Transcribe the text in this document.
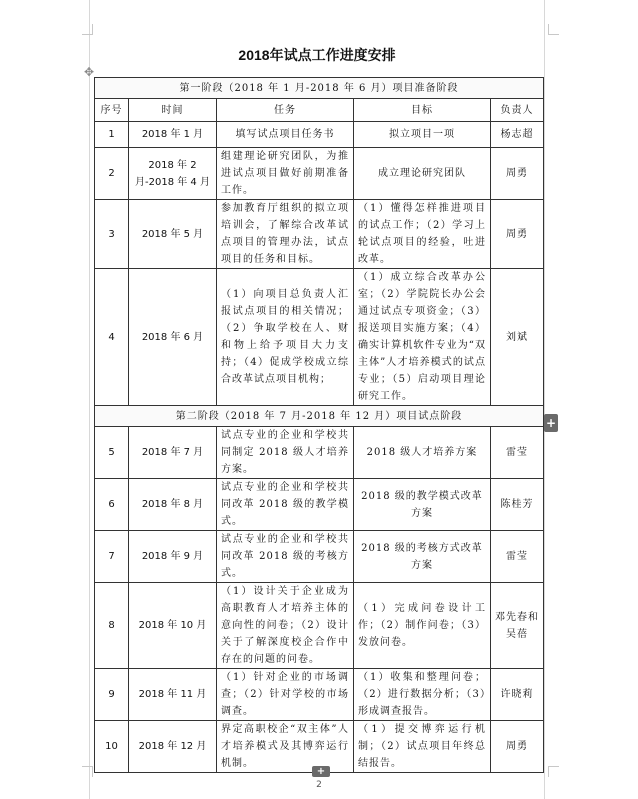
2018年试点工作进度安排
✥
第一阶段（2018 年 1 月-2018 年 6 月）项目准备阶段				
序号	时间	任务	目标	负责人
1	2018 年 1 月	填写试点项目任务书	拟立项目一项	杨志超
2	2018 年 2 月-2018 年 4 月	组建理论研究团队，为推进试点项目做好前期准备工作。	成立理论研究团队	周勇
3	2018 年 5 月	参加教育厅组织的拟立项培训会，了解综合改革试点项目的管理办法，试点项目的任务和目标。	（1）懂得怎样推进项目的试点工作；（2）学习上轮试点项目的经验，吐进改革。	周勇
4	2018 年 6 月	（1）向项目总负责人汇报试点项目的相关情况；（2）争取学校在人、财和物上给予项目大力支持；（4）促成学校成立综合改革试点项目机构；	（1）成立综合改革办公室；（2）学院院长办公会通过试点专项资金；（3）报送项目实施方案；（4）确实计算机软件专业为“双主体”人才培养模式的试点专业；（5）启动项目理论研究工作。	刘斌
第二阶段（2018 年 7 月-2018 年 12 月）项目试点阶段				
5	2018 年 7 月	试点专业的企业和学校共同制定 2018 级人才培养方案。	2018 级人才培养方案	雷莹
6	2018 年 8 月	试点专业的企业和学校共同改革 2018 级的教学模式。	2018 级的教学模式改革方案	陈桂芳
7	2018 年 9 月	试点专业的企业和学校共同改革 2018 级的考核方式。	2018 级的考核方式改革方案	雷莹
8	2018 年 10 月	（1）设计关于企业成为高职教育人才培养主体的意向性的问卷；（2）设计关于了解深度校企合作中存在的问题的问卷。	（1）完成问卷设计工作；（2）制作问卷；（3）发放问卷。	邓先春和吴蓓
9	2018 年 11 月	（1）针对企业的市场调查；（2）针对学校的市场调查。	（1）收集和整理问卷；（2）进行数据分析；（3）形成调查报告。	许晓莉
10	2018 年 12 月	界定高职校企“双主体”人才培养模式及其博弈运行机制。	（1）提交博弈运行机制；（2）试点项目年终总结报告。	周勇
+
+
2
